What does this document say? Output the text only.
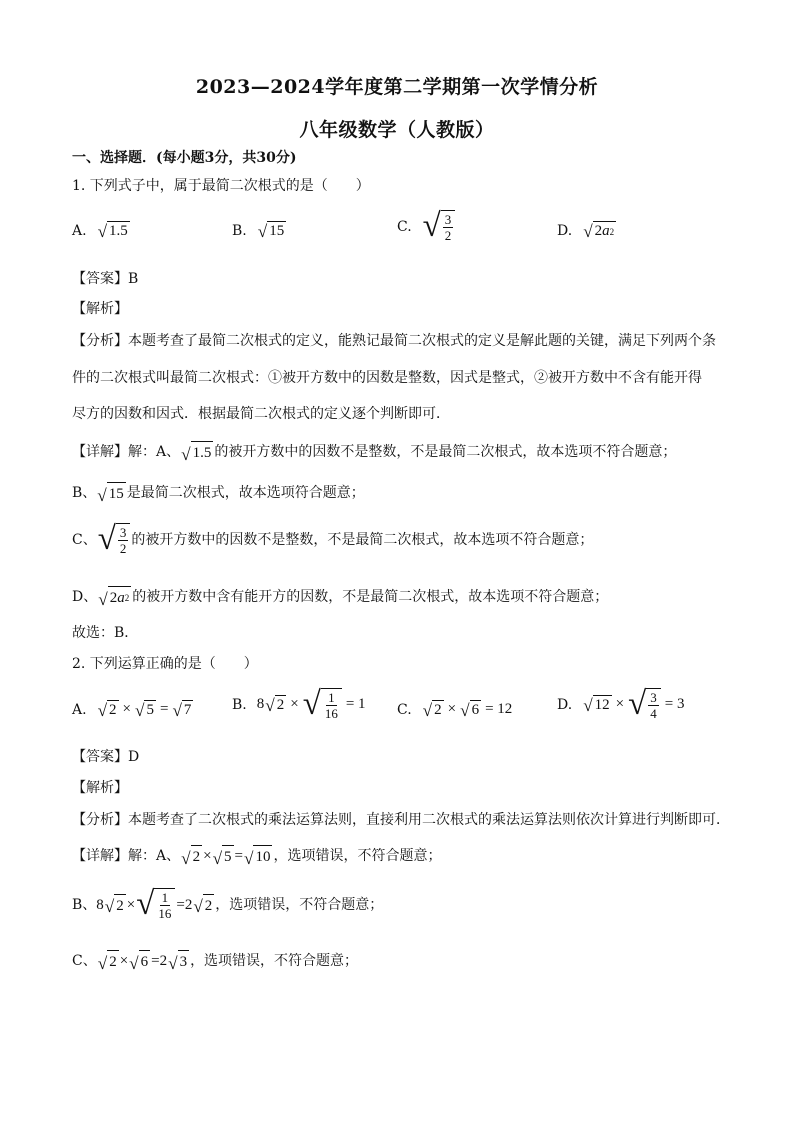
2023—2024学年度第二学期第一次学情分析
八年级数学（人教版）
一、选择题．(每小题3分，共30分)
1. 下列式子中，属于最简二次根式的是（　　）
A. √ 1.5	B. √ 15	C. √ $\frac{3}{2}$	D. √ 2 a 2
【答案】B
【解析】
【分析】本题考查了最简二次根式的定义，能熟记最简二次根式的定义是解此题的关键，满足下列两个条
件的二次根式叫最简二次根式：①被开方数中的因数是整数，因式是整式，②被开方数中不含有能开得
尽方的因数和因式．根据最简二次根式的定义逐个判断即可．
【详解】解：A、 √ 1.5 的被开方数中的因数不是整数，不是最简二次根式，故本选项不符合题意；
B、 √ 15 是最简二次根式，故本选项符合题意；
C、 √ $\frac{3}{2}$ 的被开方数中的因数不是整数，不是最简二次根式，故本选项不符合题意；
D、 √ 2 a 2 的被开方数中含有能开方的因数，不是最简二次根式，故本选项不符合题意；
故选：B．
2. 下列运算正确的是（　　）
A. √ 2 × √ 5 = √ 7	B. 8 √ 2 × √ $\frac{1}{16} = 1$ C. √ 2 × √ 6 = 12	D. √ 12 × √ $\frac{3}{4} = 3$
【答案】D
【解析】
【分析】本题考查了二次根式的乘法运算法则，直接利用二次根式的乘法运算法则依次计算进行判断即可．
【详解】解：A、 √ 2 × √ 5 = √ 10 ，选项错误，不符合题意；
B、 8 √ 2 × √ $\frac{1}{16} =2$ √ 2 ，选项错误，不符合题意；
C、 √ 2 × √ 6 =2 √ 3 ，选项错误，不符合题意；
